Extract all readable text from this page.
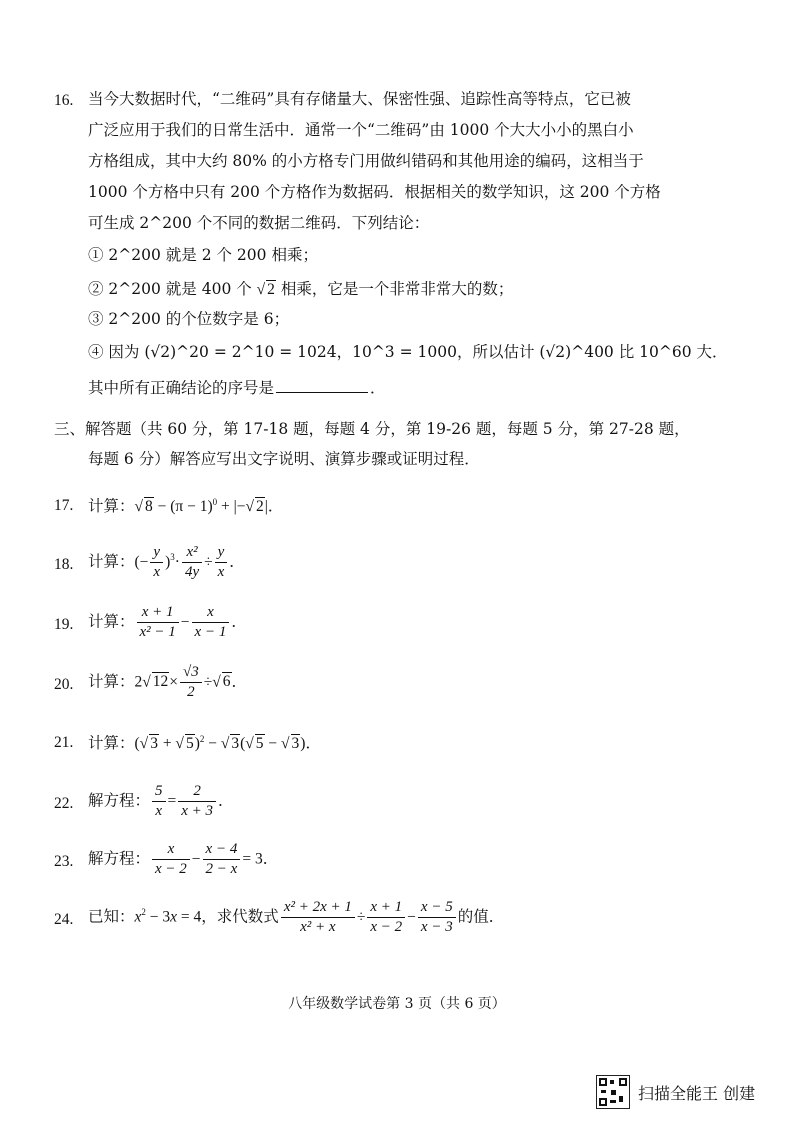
16. 当今大数据时代，“二维码”具有存储量大、保密性强、追踪性高等特点，它已被
广泛应用于我们的日常生活中．通常一个“二维码”由 1000 个大大小小的黑白小
方格组成，其中大约 80% 的小方格专门用做纠错码和其他用途的编码，这相当于
1000 个方格中只有 200 个方格作为数据码．根据相关的数学知识，这 200 个方格
可生成 2^200 个不同的数据二维码．下列结论：
① 2^200 就是 2 个 200 相乘；
② 2^200 就是 400 个 √ 2 相乘，它是一个非常非常大的数；
③ 2^200 的个位数字是 6；
④ 因为 (√2)^20 = 2^10 = 1024，10^3 = 1000，所以估计 (√2)^400 比 10^60 大．
其中所有正确结论的序号是	．
三、解答题（共 60 分，第 17-18 题，每题 4 分，第 19-26 题，每题 5 分，第 27-28 题，
每题 6 分）解答应写出文字说明、演算步骤或证明过程．
17. 计算：√ $8 - (\pi - 1)^0$ + |−√ 2|．
18. 计算：(− $\frac{y}{x} )^3\cdot \frac{\text{x²}}{4y} \div \frac{y}{x}$ ．
19. 计算： $\frac{x + 1}{\text{x² − 1}} - \frac{x}{x - 1}$ ．
20. 计算：2√ $12\times \frac{√3}{2}$ ÷√ 6．
21. 计算：(√ 3 + √ 5)$^2$ − √ 3(√ 5 − √ 3)．
22. 解方程： $\frac{5}{x} = \frac{2}{x + 3}$ ．
23. 解方程： $\frac{x}{x - 2} - \frac{x - 4}{2 - x} = 3$．
24. 已知：$x^2 - 3x = 4$，求代数式 $\frac{\text{x² + 2x + 1}}{\text{x² + x}} \div \frac{x + 1}{x - 2} - \frac{x - 5}{x - 3}$ 的值．
八年级数学试卷第 3 页（共 6 页）
扫描全能王 创建
